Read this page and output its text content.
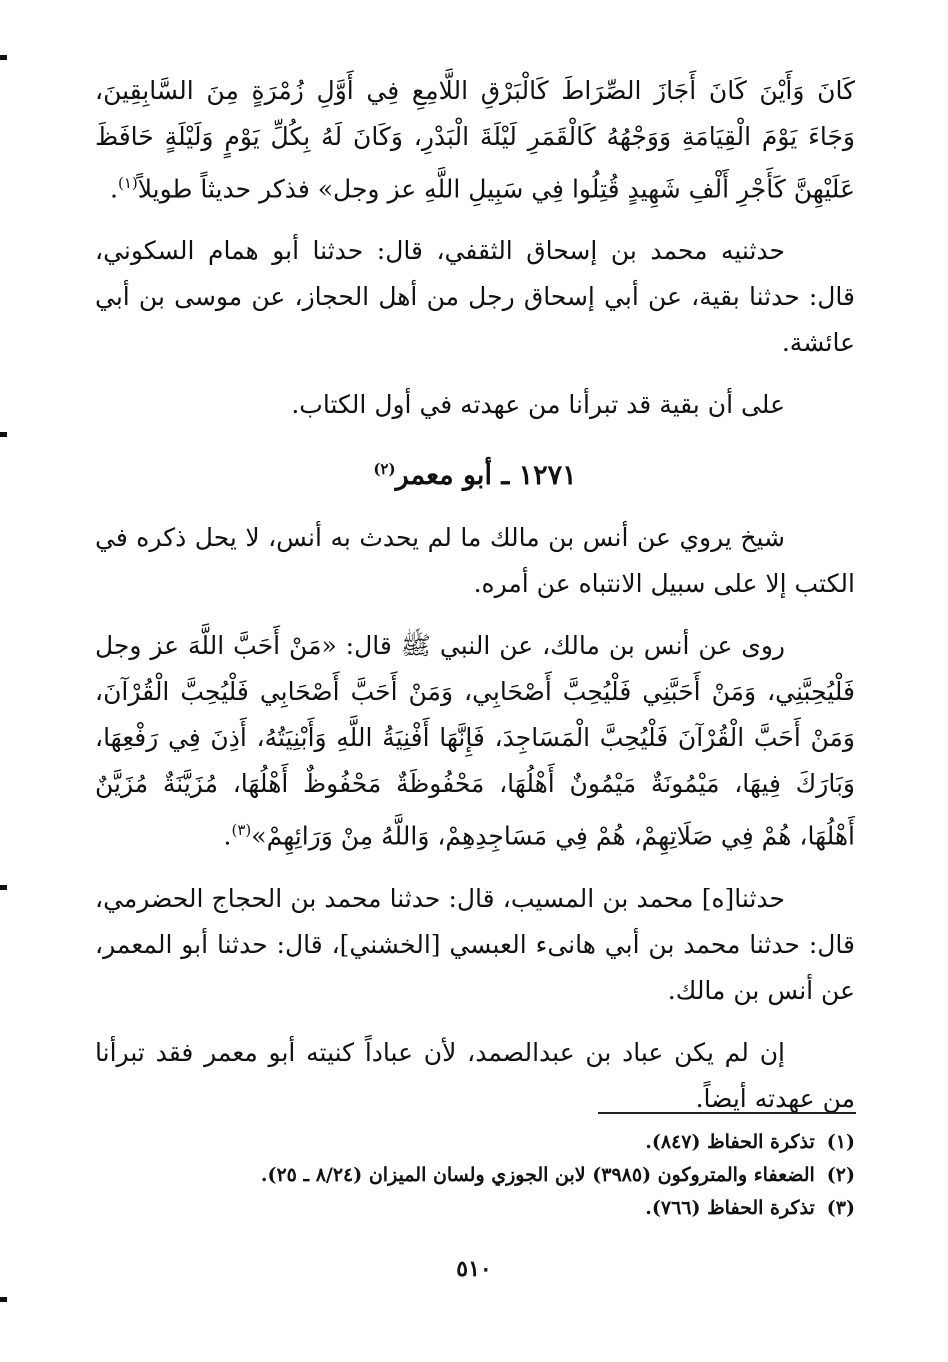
كَانَ وَأَيْنَ كَانَ أَجَازَ الصِّرَاطَ كَالْبَرْقِ اللَّامِعِ فِي أَوَّلِ زُمْرَةٍ مِنَ السَّابِقِينَ، وَجَاءَ يَوْمَ الْقِيَامَةِ وَوَجْهُهُ كَالْقَمَرِ لَيْلَةَ الْبَدْرِ، وَكَانَ لَهُ بِكُلِّ يَوْمٍ وَلَيْلَةٍ حَافَظَ عَلَيْهِنَّ كَأَجْرِ أَلْفِ شَهِيدٍ قُتِلُوا فِي سَبِيلِ اللَّهِ عز وجل» فذكر حديثاً طويلاً$^{(١)}$.

حدثنيه محمد بن إسحاق الثقفي، قال: حدثنا أبو همام السكوني، قال: حدثنا بقية، عن أبي إسحاق رجل من أهل الحجاز، عن موسى بن أبي عائشة.

على أن بقية قد تبرأنا من عهدته في أول الكتاب.

١٢٧١ ـ أبو معمر$^{(٢)}$

شيخ يروي عن أنس بن مالك ما لم يحدث به أنس، لا يحل ذكره في الكتب إلا على سبيل الانتباه عن أمره.

روى عن أنس بن مالك، عن النبي ﷺ قال: «مَنْ أَحَبَّ اللَّهَ عز وجل فَلْيُحِبَّنِي، وَمَنْ أَحَبَّنِي فَلْيُحِبَّ أَصْحَابِي، وَمَنْ أَحَبَّ أَصْحَابِي فَلْيُحِبَّ الْقُرْآنَ، وَمَنْ أَحَبَّ الْقُرْآنَ فَلْيُحِبَّ الْمَسَاجِدَ، فَإِنَّهَا أَفْنِيَةُ اللَّهِ وَأَبْنِيَتُهُ، أَذِنَ فِي رَفْعِهَا، وَبَارَكَ فِيهَا، مَيْمُونَةٌ مَيْمُونٌ أَهْلُهَا، مَحْفُوظَةٌ مَحْفُوظٌ أَهْلُهَا، مُزَيَّنَةٌ مُزَيَّنٌ أَهْلُهَا، هُمْ فِي صَلَاتِهِمْ، هُمْ فِي مَسَاجِدِهِمْ، وَاللَّهُ مِنْ وَرَائِهِمْ»$^{(٣)}$.

حدثنا[ه] محمد بن المسيب، قال: حدثنا محمد بن الحجاج الحضرمي، قال: حدثنا محمد بن أبي هانىء العبسي [الخشني]، قال: حدثنا أبو المعمر، عن أنس بن مالك.

إن لم يكن عباد بن عبدالصمد، لأن عباداً كنيته أبو معمر فقد تبرأنا من عهدته أيضاً.

(١)تذكرة الحفاظ (٨٤٧).

(٢)الضعفاء والمتروكون (٣٩٨٥) لابن الجوزي ولسان الميزان (٨/٢٤ ـ ٢٥).

(٣)تذكرة الحفاظ (٧٦٦).

٥١٠
